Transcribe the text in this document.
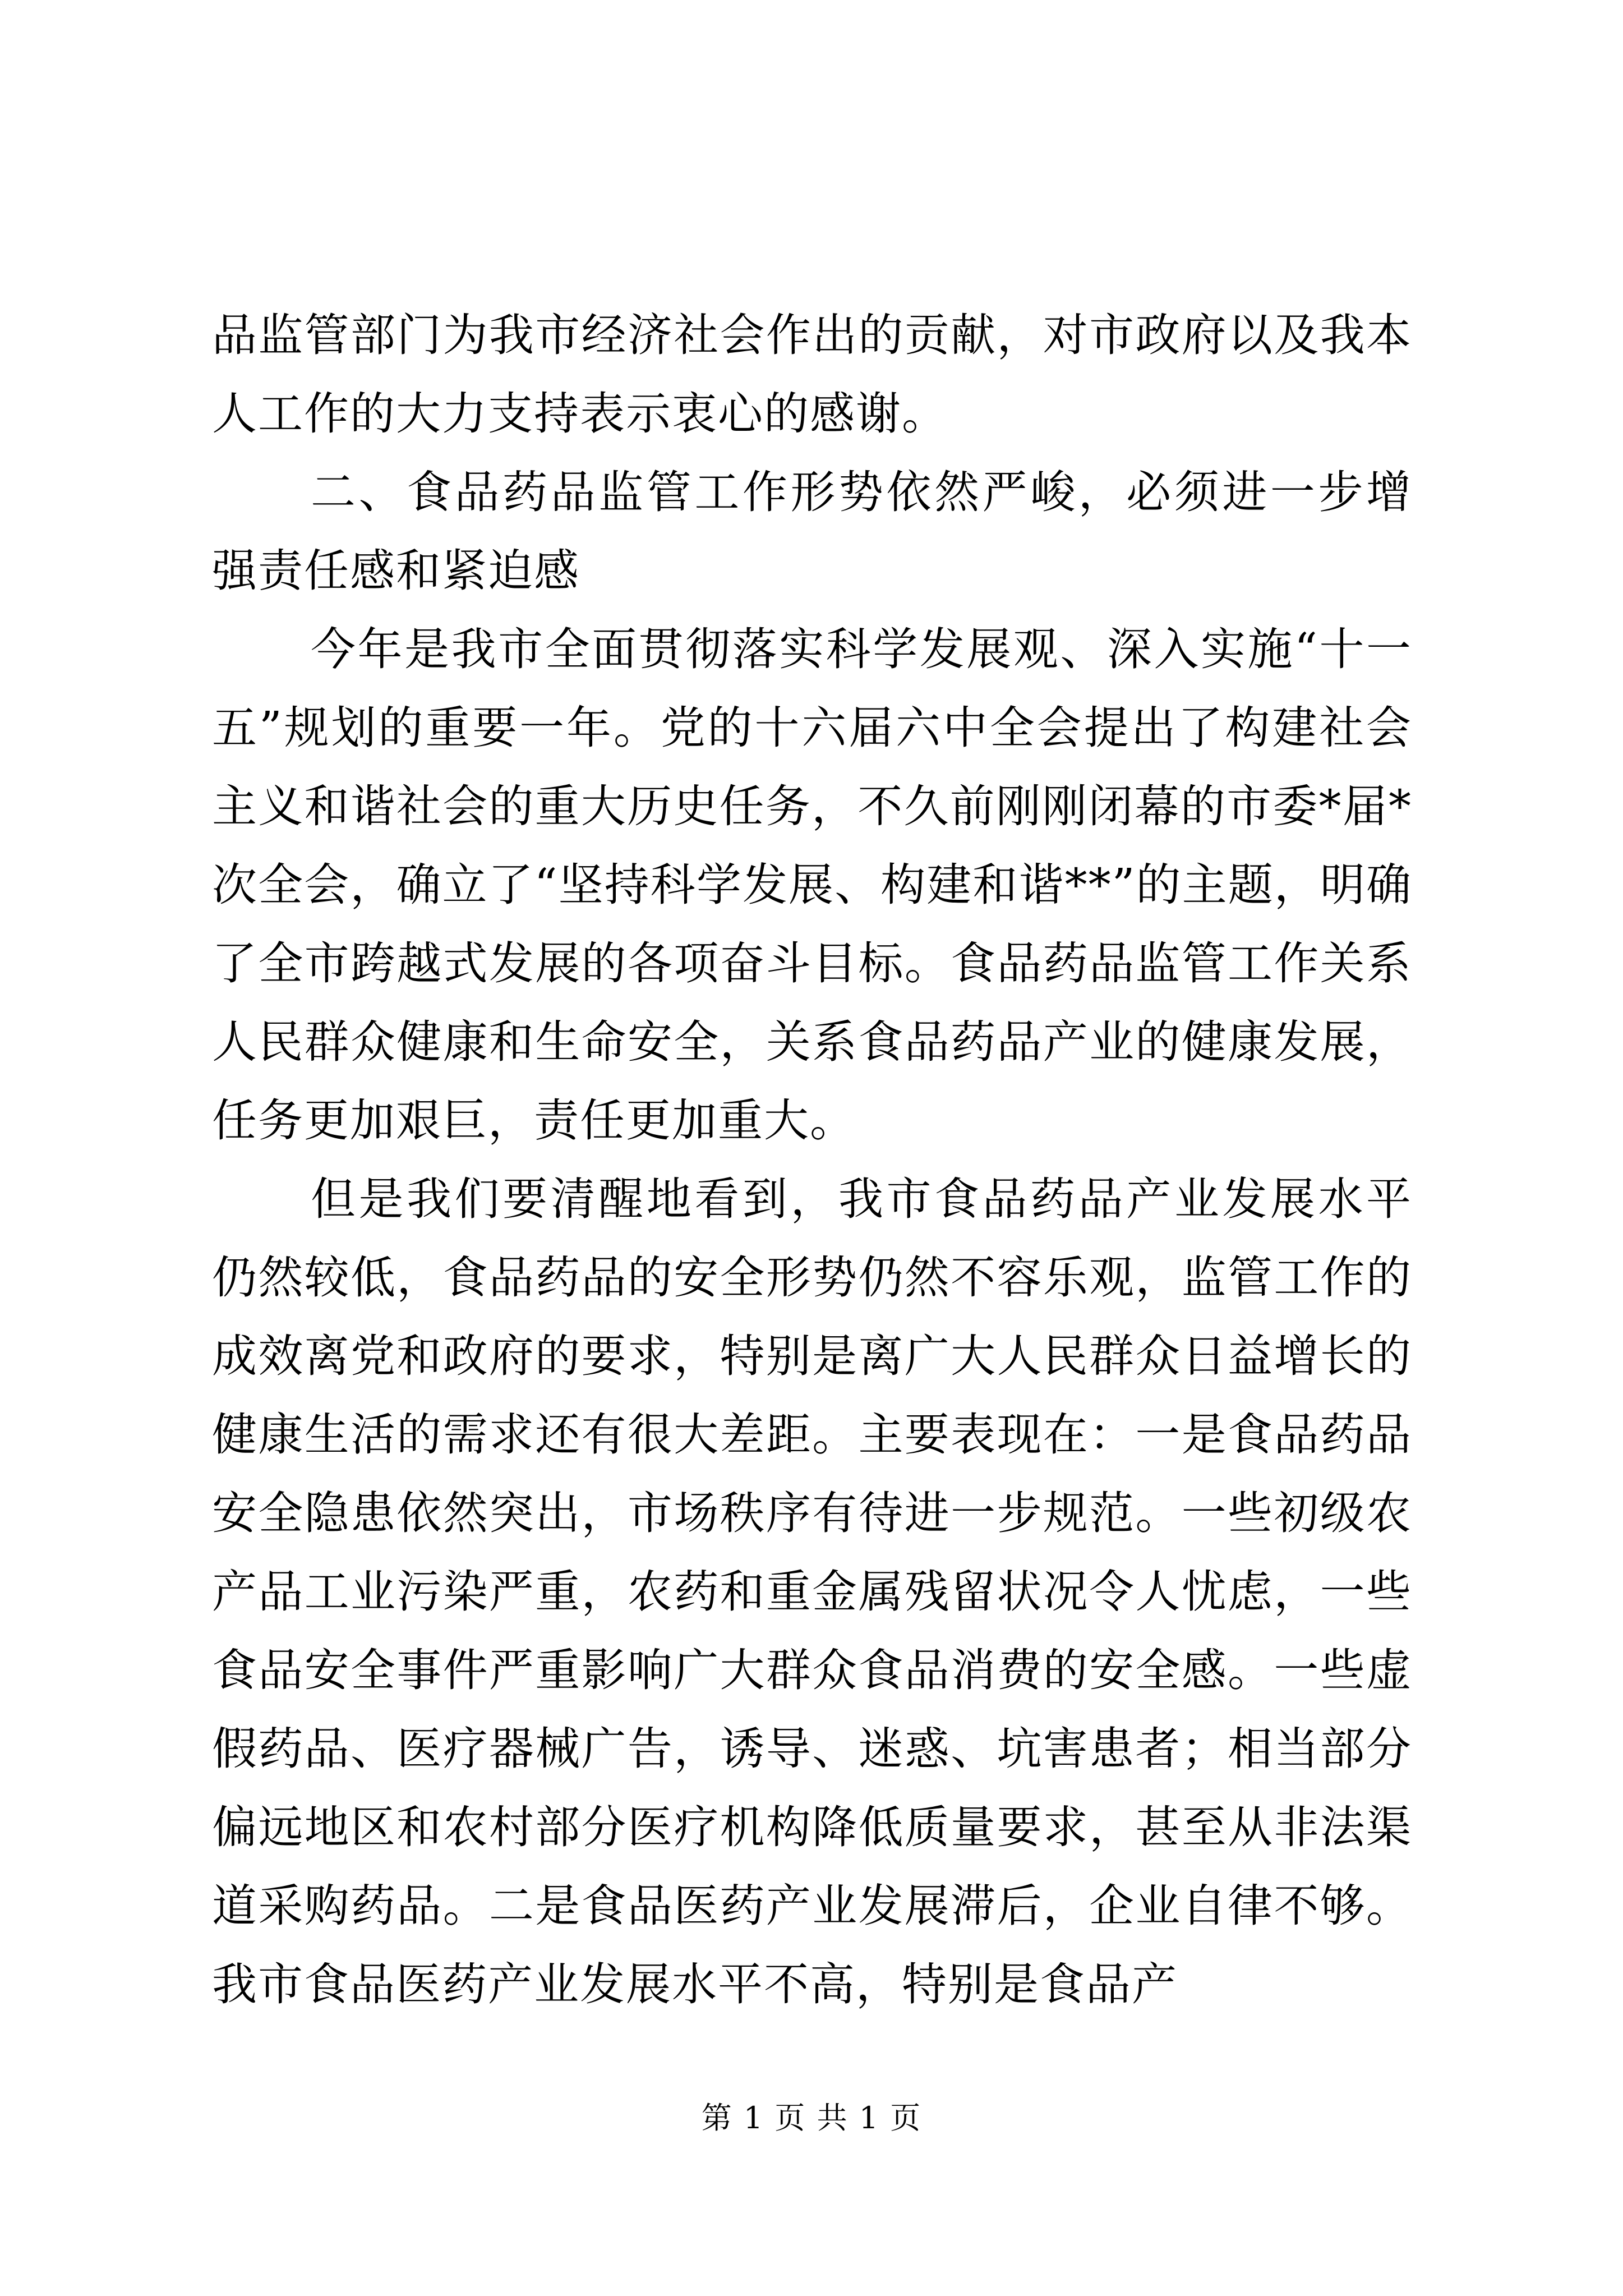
品监管部门为我市经济社会作出的贡献，对市政府以及我本人工作的大力支持表示衷心的感谢。

二、食品药品监管工作形势依然严峻，必须进一步增强责任感和紧迫感

今年是我市全面贯彻落实科学发展观、深入实施“十一五”规划的重要一年。党的十六届六中全会提出了构建社会主义和谐社会的重大历史任务，不久前刚刚闭幕的市委*届*次全会，确立了“坚持科学发展、构建和谐**”的主题，明确了全市跨越式发展的各项奋斗目标。食品药品监管工作关系人民群众健康和生命安全，关系食品药品产业的健康发展，任务更加艰巨，责任更加重大。

但是我们要清醒地看到，我市食品药品产业发展水平仍然较低，食品药品的安全形势仍然不容乐观，监管工作的成效离党和政府的要求，特别是离广大人民群众日益增长的健康生活的需求还有很大差距。主要表现在：一是食品药品安全隐患依然突出，市场秩序有待进一步规范。一些初级农产品工业污染严重，农药和重金属残留状况令人忧虑，一些食品安全事件严重影响广大群众食品消费的安全感。一些虚假药品、医疗器械广告，诱导、迷惑、坑害患者；相当部分偏远地区和农村部分医疗机构降低质量要求，甚至从非法渠道采购药品。二是食品医药产业发展滞后，企业自律不够。我市食品医药产业发展水平不高，特别是食品产

第 1 页 共 1 页
